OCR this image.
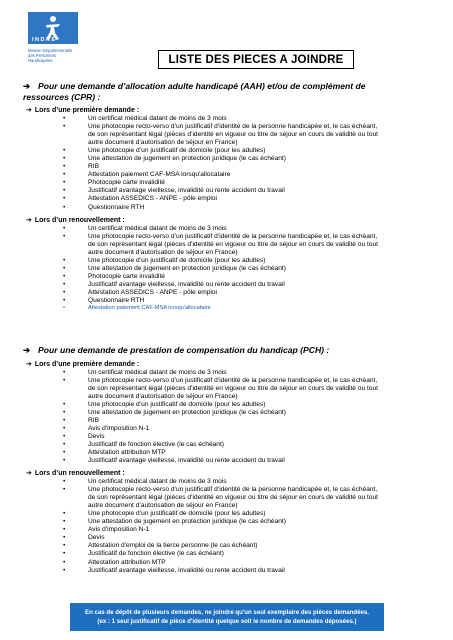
INDRE
Maison Départementale
des Personnes Handicapées	LISTE DES PIECES A JOINDRE
➔ Pour une demande d’allocation adulte handicapé (AAH) et/ou de complément de
ressources (CPR) :
➔ Lors d’une première demande :
• Un certificat médical datant de moins de 3 mois
• Une photocopie recto-verso d’un justificatif d’identité de la personne handicapée et, le cas échéant,
de son représentant légal (pièces d’identité en vigueur ou titre de séjour en cours de validité ou tout
autre document d’autorisation de séjour en France)
• Une photocopie d’un justificatif de domicile (pour les adultes)
• Une attestation de jugement en protection juridique (le cas échéant)
• RIB
• Attestation paiement CAF-MSA lorsqu'allocataire
• Photocopie carte invalidité
• Justificatif avantage vieillesse, invalidité ou rente accident du travail
• Attestation ASSEDICS - ANPE - pôle emploi
• Questionnaire RTH
➔ Lors d’un renouvellement :
• Un certificat médical datant de moins de 3 mois
• Une photocopie recto-verso d’un justificatif d’identité de la personne handicapée et, le cas échéant,
de son représentant légal (pièces d’identité en vigueur ou titre de séjour en cours de validité ou tout
autre document d’autorisation de séjour en France)
• Une photocopie d’un justificatif de domicile (pour les adultes)
• Une attestation de jugement en protection juridique (le cas échéant)
• Photocopie carte invalidité
• Justificatif avantage vieillesse, invalidité ou rente accident du travail
• Attestation ASSEDICS - ANPE - pôle emploi
• Questionnaire RTH
• Attestation paiement CAF-MSA lorsqu'allocataire
➔ Pour une demande de prestation de compensation du handicap (PCH) :
➔ Lors d’une première demande :
• Un certificat médical datant de moins de 3 mois
• Une photocopie recto-verso d’un justificatif d’identité de la personne handicapée et, le cas échéant,
de son représentant légal (pièces d’identité en vigueur ou titre de séjour en cours de validité ou tout
autre document d’autorisation de séjour en France)
• Une photocopie d’un justificatif de domicile (pour les adultes)
• Une attestation de jugement en protection juridique (le cas échéant)
• RIB
• Avis d'imposition N-1
• Devis
• Justificatif de fonction élective (le cas échéant)
• Attestation attribution MTP
• Justificatif avantage vieillesse, invalidité ou rente accident du travail
➔ Lors d’un renouvellement :
• Un certificat médical datant de moins de 3 mois
• Une photocopie recto-verso d’un justificatif d’identité de la personne handicapée et, le cas échéant,
de son représentant légal (pièces d’identité en vigueur ou titre de séjour en cours de validité ou tout
autre document d’autorisation de séjour en France)
• Une photocopie d’un justificatif de domicile (pour les adultes)
• Une attestation de jugement en protection juridique (le cas échéant)
• Avis d'imposition N-1
• Devis
• Attestation d'emploi de la tierce personne (le cas échéant)
• Justificatif de fonction élective (le cas échéant)
• Attestation attribution MTP
• Justificatif avantage vieillesse, invalidité ou rente accident du travail
En cas de dépôt de plusieurs demandes, ne joindre qu'un seul exemplaire des pièces demandées.
(ex : 1 seul justificatif de pièce d'identité quelque soit le nombre de demandes déposées.)
